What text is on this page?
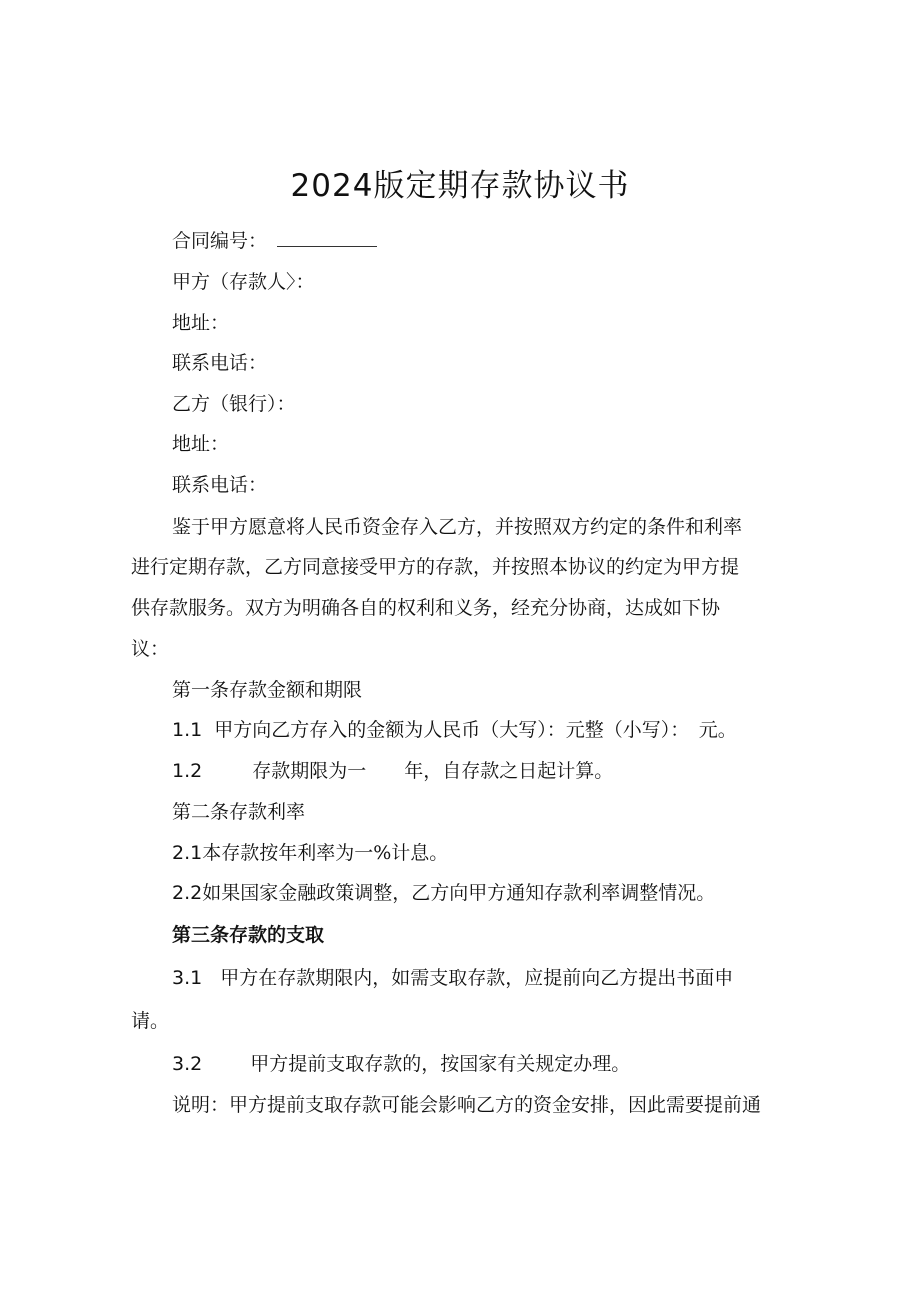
2024版定期存款协议书
合同编号：
甲方（存款人〉：
地址：
联系电话：
乙方（银行）：
地址：
联系电话：
鉴于甲方愿意将人民币资金存入乙方，并按照双方约定的条件和利率
进行定期存款，乙方同意接受甲方的存款，并按照本协议的约定为甲方提
供存款服务。双方为明确各自的权利和义务，经充分协商，达成如下协
议：
第一条存款金额和期限
1.1 甲方向乙方存入的金额为人民币（大写）：元整（小写）：　元。
1.2	存款期限为一　　年，自存款之日起计算。
第二条存款利率
2.1本存款按年利率为一%计息。
2.2如果国家金融政策调整，乙方向甲方通知存款利率调整情况。
第三条存款的支取
3.1 甲方在存款期限内，如需支取存款，应提前向乙方提出书面申
请。
3.2	甲方提前支取存款的，按国家有关规定办理。
说明：甲方提前支取存款可能会影响乙方的资金安排，因此需要提前通
